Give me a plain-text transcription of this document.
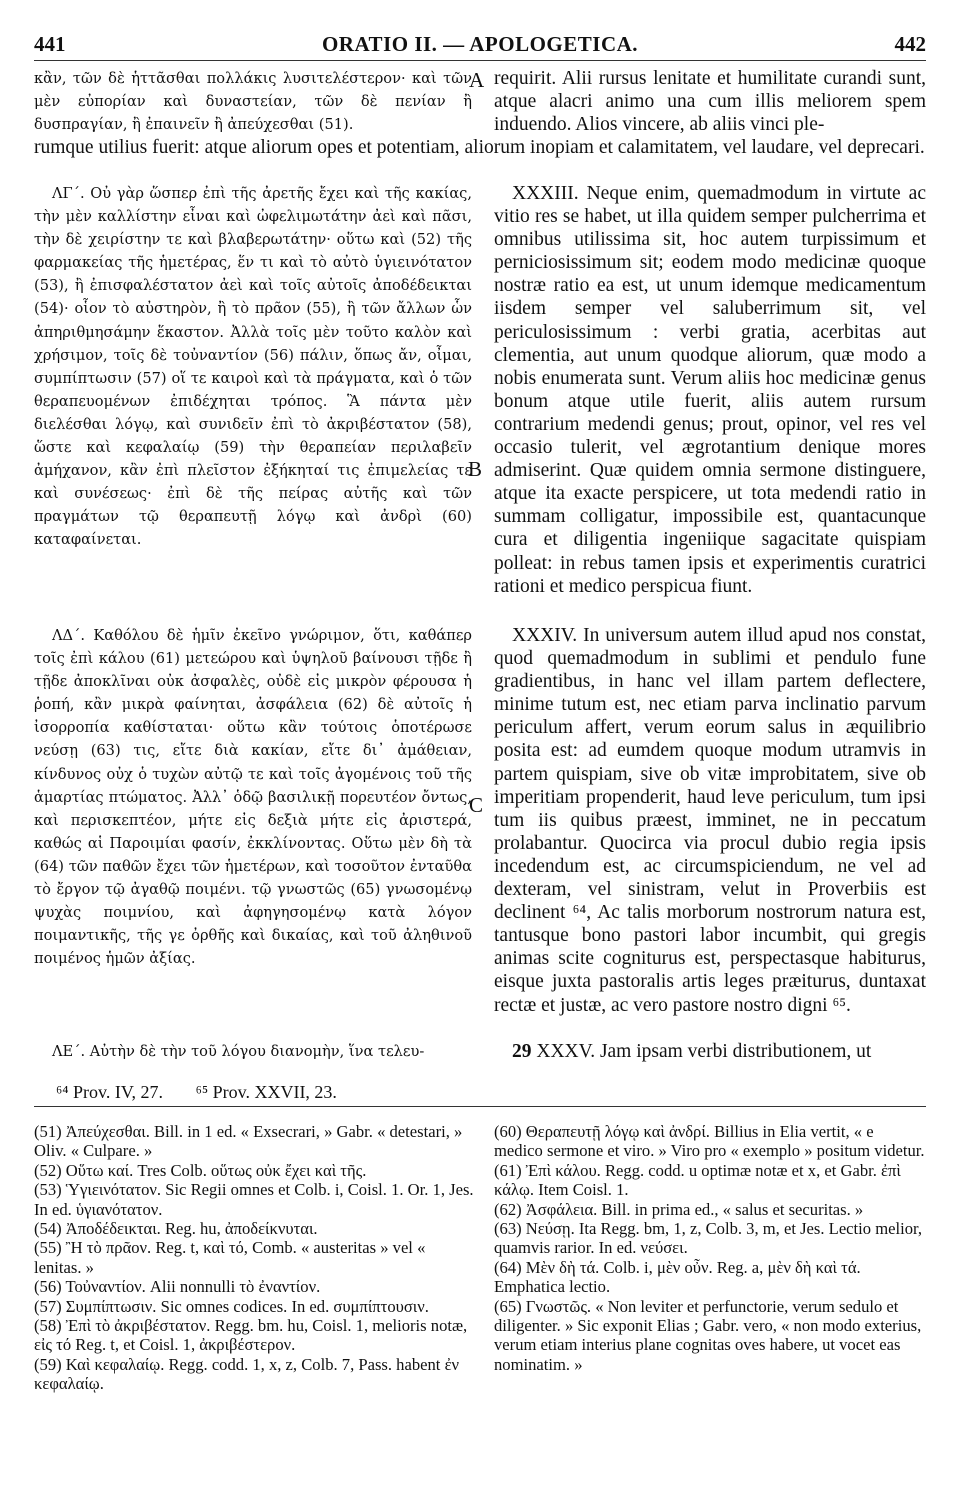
441	ORATIO II. — APOLOGETICA.	442

κἂν, τῶν δὲ ἡττᾶσθαι πολλάκις λυσιτελέστερον· καὶ τῶν μὲν εὐπορίαν καὶ δυναστείαν, τῶν δὲ πενίαν ἢ δυσπραγίαν, ἢ ἐπαινεῖν ἢ ἀπεύχεσθαι (51).

A requirit. Alii rursus lenitate et humilitate curandi sunt, atque alacri animo una cum illis meliorem spem induendo. Alios vincere, ab aliis vinci ple-

rumque utilius fuerit: atque aliorum opes et potentiam, aliorum inopiam et calamitatem, vel laudare, vel deprecari.

ΛΓ΄. Οὐ γὰρ ὥσπερ ἐπὶ τῆς ἀρετῆς ἔχει καὶ τῆς κακίας, τὴν μὲν καλλίστην εἶναι καὶ ὠφελιμωτάτην ἀεὶ καὶ πᾶσι, τὴν δὲ χειρίστην τε καὶ βλαβερωτάτην· οὕτω καὶ (52) τῆς φαρμακείας τῆς ἡμετέρας, ἕν τι καὶ τὸ αὐτὸ ὑγιεινότατον (53), ἢ ἐπισφαλέστατον ἀεὶ καὶ τοῖς αὐτοῖς ἀποδέδεικται (54)· οἷον τὸ αὐστηρὸν, ἢ τὸ πρᾶον (55), ἢ τῶν ἄλλων ὧν ἀπηριθμησάμην ἕκαστον. Ἀλλὰ τοῖς μὲν τοῦτο καλὸν καὶ χρήσιμον, τοῖς δὲ τοὐναντίον (56) πάλιν, ὅπως ἄν, οἶμαι, συμπίπτωσιν (57) οἵ τε καιροὶ καὶ τὰ πράγματα, καὶ ὁ τῶν θεραπευομένων ἐπιδέχηται τρόπος. Ἃ πάντα μὲν διελέσθαι λόγῳ, καὶ συνιδεῖν ἐπὶ τὸ ἀκριβέστατον (58), ὥστε καὶ κεφαλαίῳ (59) τὴν θεραπείαν περιλαβεῖν ἀμήχανον, κἂν ἐπὶ πλεῖστον ἐξήκηταί τις ἐπιμελείας τε καὶ συνέσεως· ἐπὶ δὲ τῆς πείρας αὐτῆς καὶ τῶν πραγμάτων τῷ θεραπευτῇ λόγῳ καὶ ἀνδρὶ (60) καταφαίνεται.

B

XXXIII. Neque enim, quemadmodum in virtute ac vitio res se habet, ut illa quidem semper pulcherrima et omnibus utilissima sit, hoc autem turpissimum et perniciosissimum sit; eodem modo medicinæ quoque nostræ ratio ea est, ut unum idemque medicamentum iisdem semper vel saluberrimum sit, vel periculosissimum : verbi gratia, acerbitas aut clementia, aut unum quodque aliorum, quæ modo a nobis enumerata sunt. Verum aliis hoc medicinæ genus bonum atque utile fuerit, aliis autem rursum contrarium medendi genus; prout, opinor, vel res vel occasio tulerit, vel ægrotantium denique mores admiserint. Quæ quidem omnia sermone distinguere, atque ita exacte perspicere, ut tota medendi ratio in summam colligatur, impossibile est, quantacunque cura et diligentia ingeniique sagacitate quispiam polleat: in rebus tamen ipsis et experimentis curatrici rationi et medico perspicua fiunt.

ΛΔ΄. Καθόλου δὲ ἡμῖν ἐκεῖνο γνώριμον, ὅτι, καθάπερ τοῖς ἐπὶ κάλου (61) μετεώρου καὶ ὑψηλοῦ βαίνουσι τῇδε ἢ τῇδε ἀποκλῖναι οὐκ ἀσφαλὲς, οὐδὲ εἰς μικρὸν φέρουσα ἡ ῥοπή, κἂν μικρὰ φαίνηται, ἀσφάλεια (62) δὲ αὐτοῖς ἡ ἰσορροπία καθίσταται· οὕτω κἂν τούτοις ὁποτέρωσε νεύσῃ (63) τις, εἴτε διὰ κακίαν, εἴτε δι᾽ ἀμάθειαν, κίνδυνος οὐχ ὁ τυχὼν αὐτῷ τε καὶ τοῖς ἀγομένοις τοῦ τῆς ἁμαρτίας πτώματος. Ἀλλ᾽ ὁδῷ βασιλικῇ πορευτέον ὄντως, καὶ περισκεπτέον, μήτε εἰς δεξιὰ μήτε εἰς ἀριστερά, καθώς αἱ Παροιμίαι φασίν, ἐκκλίνοντας. Οὕτω μὲν δὴ τὰ (64) τῶν παθῶν ἔχει τῶν ἡμετέρων, καὶ τοσοῦτον ἐνταῦθα τὸ ἔργον τῷ ἀγαθῷ ποιμένι. τῷ γνωστῶς (65) γνωσομένῳ ψυχὰς ποιμνίου, καὶ ἀφηγησομένῳ κατὰ λόγον ποιμαντικῆς, τῆς γε ὀρθῆς καὶ δικαίας, καὶ τοῦ ἀληθινοῦ ποιμένος ἡμῶν ἀξίας.

C

XXXIV. In universum autem illud apud nos constat, quod quemadmodum in sublimi et pendulo fune gradientibus, in hanc vel illam partem deflectere, minime tutum est, nec etiam parva inclinatio parvum periculum affert, verum eorum salus in æquilibrio posita est: ad eumdem quoque modum utramvis in partem quispiam, sive ob vitæ improbitatem, sive ob imperitiam propenderit, haud leve periculum, tum ipsi tum iis quibus præest, imminet, ne in peccatum prolabantur. Quocirca via procul dubio regia ipsis incedendum est, ac circumspiciendum, ne vel ad dexteram, vel sinistram, velut in Proverbiis est declinent ⁶⁴, Ac talis morborum nostrorum natura est, tantusque bono pastori labor incumbit, qui gregis animas scite cogniturus est, perspectasque habiturus, eisque juxta pastoralis artis leges præiturus, duntaxat rectæ et justæ, ac vero pastore nostro digni ⁶⁵.

ΛΕ΄. Αὐτὴν δὲ τὴν τοῦ λόγου διανομὴν, ἵνα τελευ-	29 XXXV. Jam ipsam verbi distributionem, ut

⁶⁴ Prov. IV, 27. ⁶⁵ Prov. XXVII, 23.

(51) Ἀπεύχεσθαι. Bill. in 1 ed. « Exsecrari, » Gabr. « detestari, » Oliv. « Culpare. »

(52) Οὕτω καί. Tres Colb. οὕτως οὐκ ἔχει καὶ τῆς.

(53) Ὑγιεινότατον. Sic Regii omnes et Colb. i, Coisl. 1. Or. 1, Jes. In ed. ὑγιανότατον.

(54) Ἀποδέδεικται. Reg. hu, ἀποδείκνυται.

(55) Ἢ τὸ πρᾶον. Reg. t, καὶ τό, Comb. « austeritas » vel « lenitas. »

(56) Τοὐναντίον. Alii nonnulli τὸ ἐναντίον.

(57) Συμπίπτωσιν. Sic omnes codices. In ed. συμπίπτουσιν.

(58) Ἐπὶ τὸ ἀκριβέστατον. Regg. bm. hu, Coisl. 1, melioris notæ, εἰς τό Reg. t, et Coisl. 1, ἀκριβέστερον.

(59) Καὶ κεφαλαίῳ. Regg. codd. 1, x, z, Colb. 7, Pass. habent ἐν κεφαλαίῳ.

(60) Θεραπευτῇ λόγῳ καὶ ἀνδρί. Billius in Elia vertit, « e medico sermone et viro. » Viro pro « exemplo » positum videtur.

(61) Ἐπὶ κάλου. Regg. codd. u optimæ notæ et x, et Gabr. ἐπὶ κάλῳ. Item Coisl. 1.

(62) Ἀσφάλεια. Bill. in prima ed., « salus et securitas. »

(63) Νεύσῃ. Ita Regg. bm, 1, z, Colb. 3, m, et Jes. Lectio melior, quamvis rarior. In ed. νεύσει.

(64) Μὲν δὴ τά. Colb. i, μὲν οὖν. Reg. a, μὲν δὴ καὶ τά. Emphatica lectio.

(65) Γνωστῶς. « Non leviter et perfunctorie, verum sedulo et diligenter. » Sic exponit Elias ; Gabr. vero, « non modo exterius, verum etiam interius plane cognitas oves habere, ut vocet eas nominatim. »
